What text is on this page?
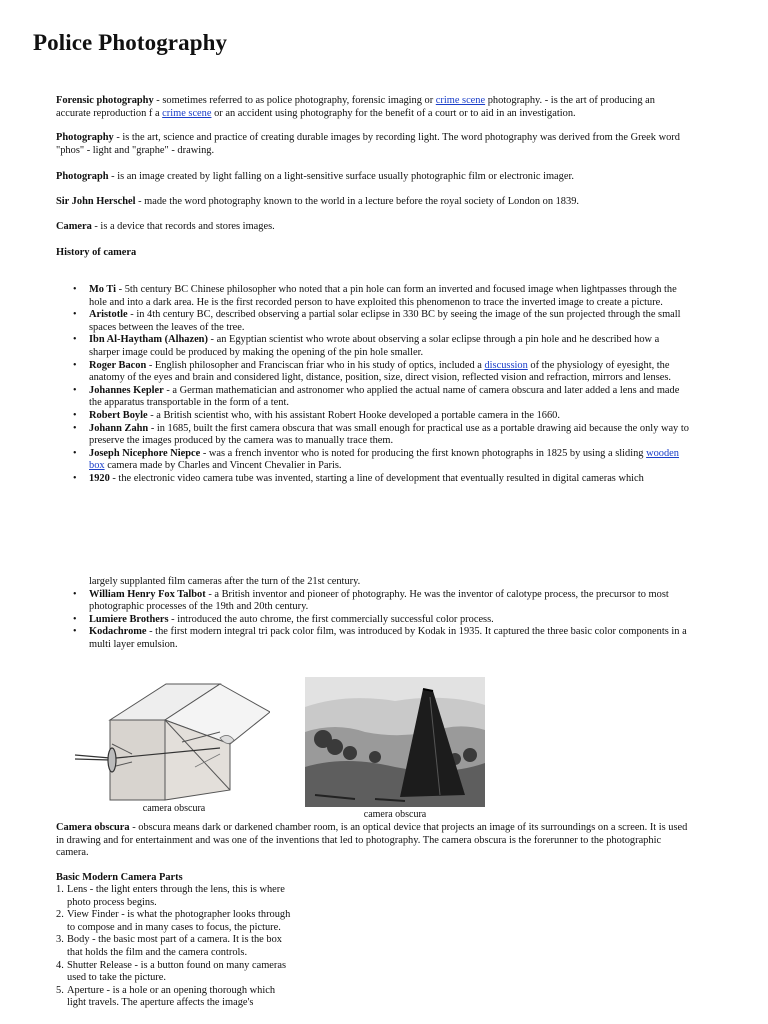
Police Photography

Forensic photography - sometimes referred to as police photography, forensic imaging or crime scene photography. - is the art of producing an accurate reproduction f a crime scene or an accident using photography for the benefit of a court or to aid in an investigation.

Photography - is the art, science and practice of creating durable images by recording light. The word photography was derived from the Greek word "phos" - light and "graphe" - drawing.

Photograph - is an image created by light falling on a light-sensitive surface usually photographic film or electronic imager.

Sir John Herschel - made the word photography known to the world in a lecture before the royal society of London on 1839.

Camera - is a device that records and stores images.

History of camera

• Mo Ti - 5th century BC Chinese philosopher who noted that a pin hole can form an inverted and focused image when lightpasses through the hole and into a dark area. He is the first recorded person to have exploited this phenomenon to trace the inverted image to create a picture.
• Aristotle - in 4th century BC, described observing a partial solar eclipse in 330 BC by seeing the image of the sun projected through the small spaces between the leaves of the tree.
• Ibn Al-Haytham (Alhazen) - an Egyptian scientist who wrote about observing a solar eclipse through a pin hole and he described how a sharper image could be produced by making the opening of the pin hole smaller.
• Roger Bacon - English philosopher and Franciscan friar who in his study of optics, included a discussion of the physiology of eyesight, the anatomy of the eyes and brain and considered light, distance, position, size, direct vision, reflected vision and refraction, mirrors and lenses.
• Johannes Kepler - a German mathematician and astronomer who applied the actual name of camera obscura and later added a lens and made the apparatus transportable in the form of a tent.
• Robert Boyle - a British scientist who, with his assistant Robert Hooke developed a portable camera in the 1660.
• Johann Zahn - in 1685, built the first camera obscura that was small enough for practical use as a portable drawing aid because the only way to preserve the images produced by the camera was to manually trace them.
• Joseph Nicephore Niepce - was a french inventor who is noted for producing the first known photographs in 1825 by using a sliding wooden box camera made by Charles and Vincent Chevalier in Paris.
• 1920 - the electronic video camera tube was invented, starting a line of development that eventually resulted in digital cameras which
largely supplanted film cameras after the turn of the 21st century.
• William Henry Fox Talbot - a British inventor and pioneer of photography. He was the inventor of calotype process, the precursor to most photographic processes of the 19th and 20th century.
• Lumiere Brothers - introduced the auto chrome, the first commercially successful color process.
• Kodachrome - the first modern integral tri pack color film, was introduced by Kodak in 1935. It captured the three basic color components in a multi layer emulsion.
camera obscura
camera obscura

Camera obscura - obscura means dark or darkened chamber room, is an optical device that projects an image of its surroundings on a screen. It is used in drawing and for entertainment and was one of the inventions that led to photography. The camera obscura is the forerunner to the photographic camera.

Basic Modern Camera Parts

1. Lens - the light enters through the lens, this is where photo process begins.
2. View Finder - is what the photographer looks through to compose and in many cases to focus, the picture.
3. Body - the basic most part of a camera. It is the box that holds the film and the camera controls.
4. Shutter Release - is a button found on many cameras used to take the picture.
5. Aperture - is a hole or an opening thorough which light travels. The aperture affects the image's
